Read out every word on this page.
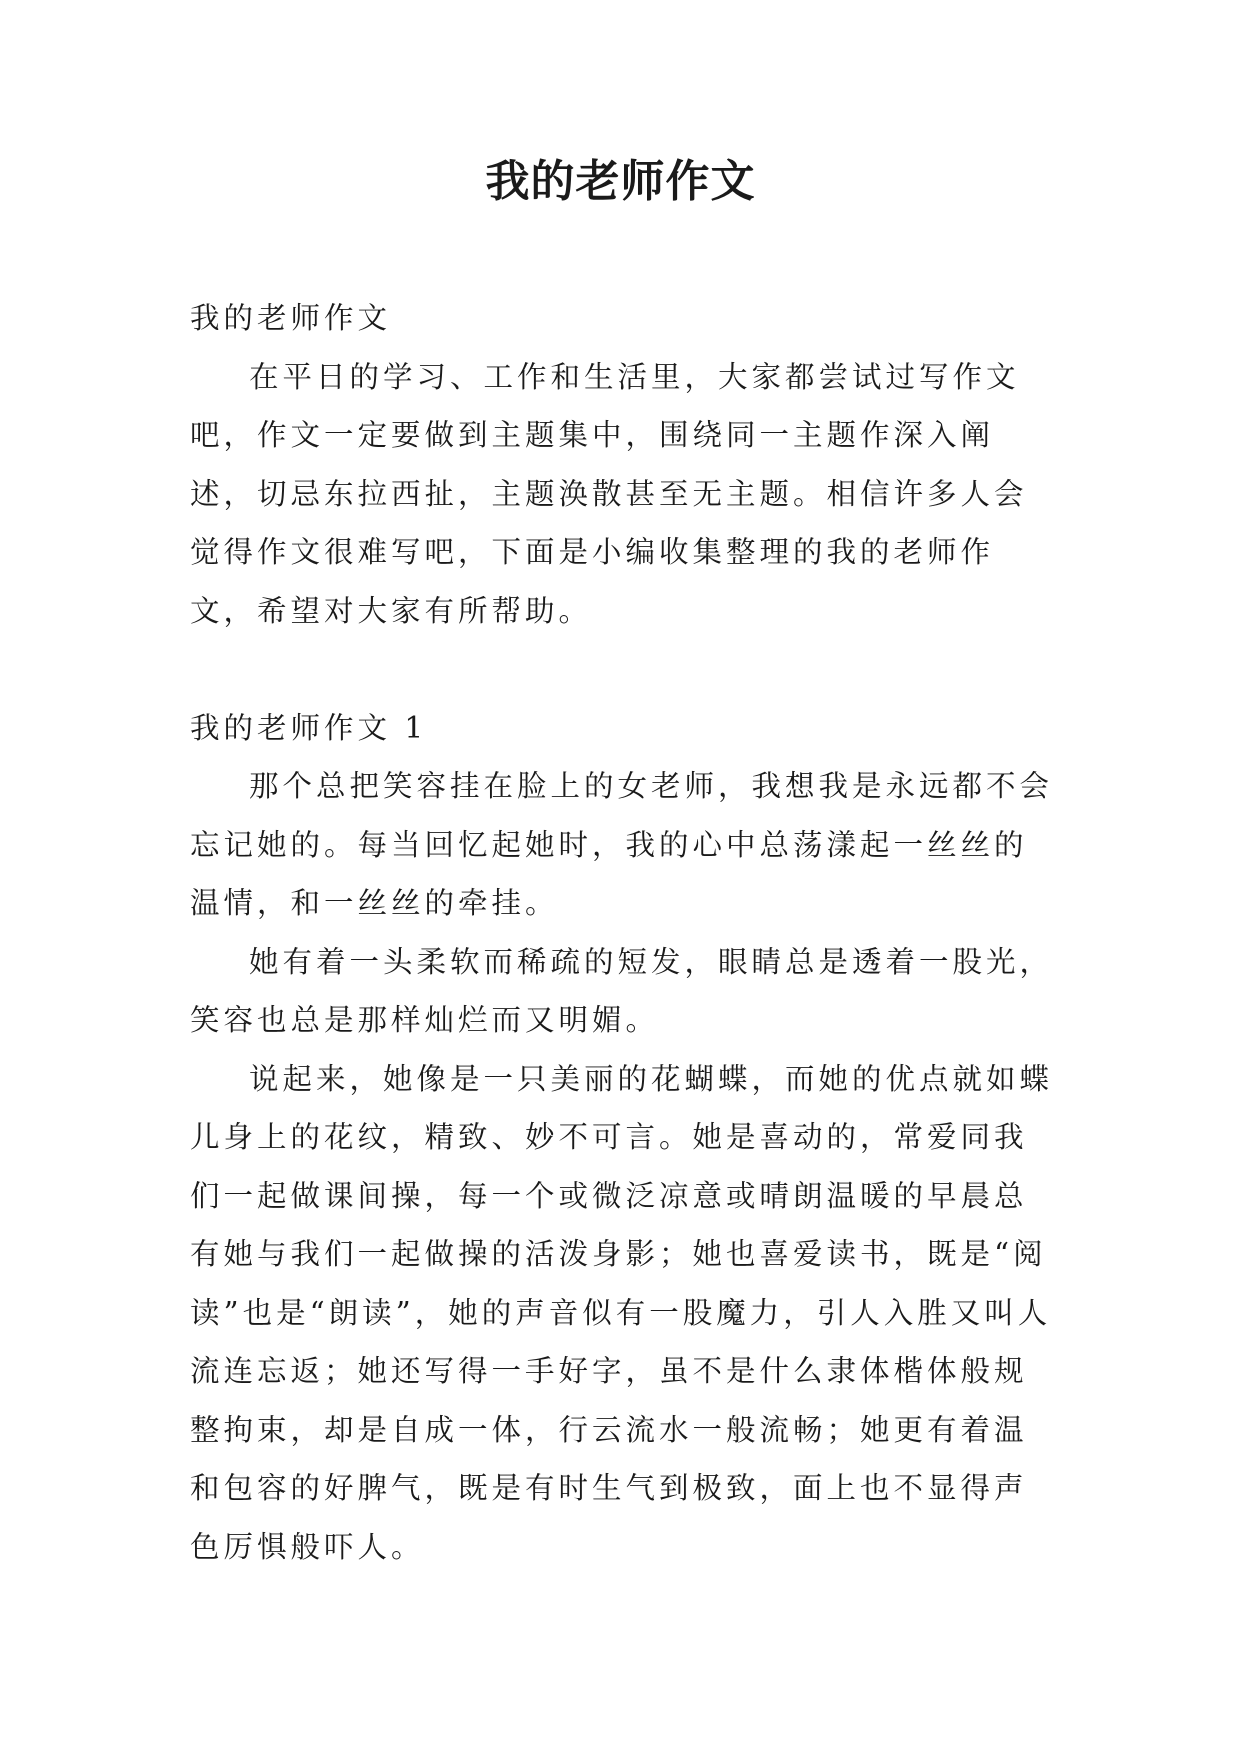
我的老师作文

我的老师作文

在平日的学习、工作和生活里，大家都尝试过写作文吧，作文一定要做到主题集中，围绕同一主题作深入阐述，切忌东拉西扯，主题涣散甚至无主题。相信许多人会觉得作文很难写吧，下面是小编收集整理的我的老师作文，希望对大家有所帮助。

我的老师作文 1

那个总把笑容挂在脸上的女老师，我想我是永远都不会忘记她的。每当回忆起她时，我的心中总荡漾起一丝丝的温情，和一丝丝的牵挂。

她有着一头柔软而稀疏的短发，眼睛总是透着一股光，笑容也总是那样灿烂而又明媚。

说起来，她像是一只美丽的花蝴蝶，而她的优点就如蝶儿身上的花纹，精致、妙不可言。她是喜动的，常爱同我们一起做课间操，每一个或微泛凉意或晴朗温暖的早晨总有她与我们一起做操的活泼身影；她也喜爱读书，既是“阅读”也是“朗读”，她的声音似有一股魔力，引人入胜又叫人流连忘返；她还写得一手好字，虽不是什么隶体楷体般规整拘束，却是自成一体，行云流水一般流畅；她更有着温和包容的好脾气，既是有时生气到极致，面上也不显得声色厉惧般吓人。
